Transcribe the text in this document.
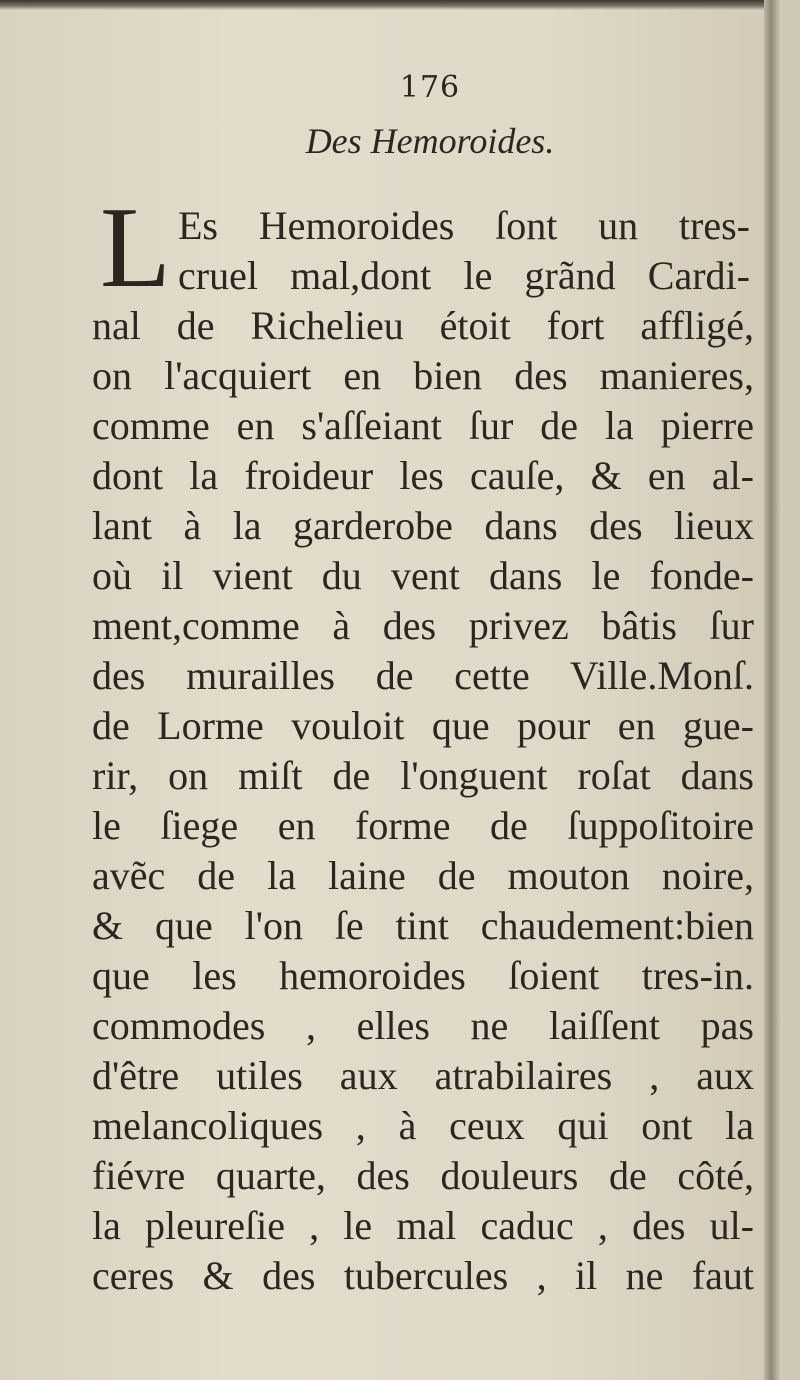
176
Des Hemoroides.
L Es Hemoroides ſont un tres-
cruel mal,dont le grãnd Cardi-
nal de Richelieu étoit fort affligé,
on l'acquiert en bien des manieres,
comme en s'aſſeiant ſur de la pierre
dont la froideur les cauſe, & en al-
lant à la garderobe dans des lieux
où il vient du vent dans le fonde-
ment,comme à des privez bâtis ſur
des murailles de cette Ville.Monſ.
de Lorme vouloit que pour en gue-
rir, on miſt de l'onguent roſat dans
le ſiege en forme de ſuppoſitoire
avẽc de la laine de mouton noire,
& que l'on ſe tint chaudement:bien
que les hemoroides ſoient tres-in.
commodes , elles ne laiſſent pas
d'être utiles aux atrabilaires , aux
melancoliques , à ceux qui ont la
fiévre quarte, des douleurs de côté,
la pleureſie , le mal caduc , des ul-
ceres & des tubercules , il ne faut
